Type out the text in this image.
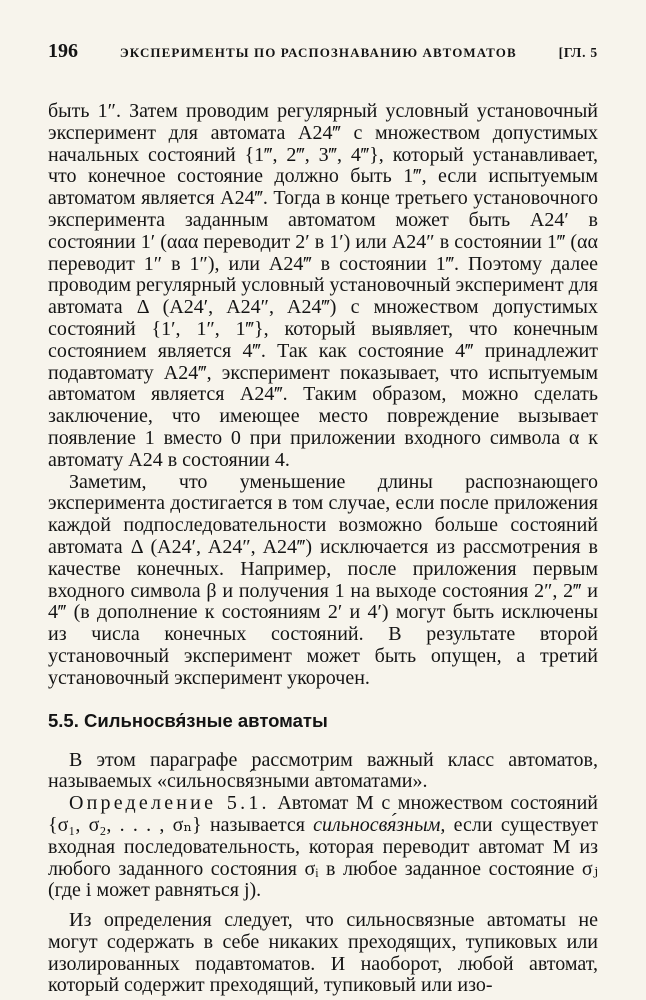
196	ЭКСПЕРИМЕНТЫ ПО РАСПОЗНАВАНИЮ АВТОМАТОВ	[ГЛ. 5

быть 1″. Затем проводим регулярный условный установочный эксперимент для автомата A24‴ с множеством допустимых начальных состояний {1‴, 2‴, 3‴, 4‴}, который устанавливает, что конечное состояние должно быть 1‴, если испытуемым автоматом является A24‴. Тогда в конце третьего установочного эксперимента заданным автоматом может быть A24′ в состоянии 1′ (ααα переводит 2′ в 1′) или A24″ в состоянии 1‴ (αα переводит 1″ в 1″), или A24‴ в состоянии 1‴. Поэтому далее проводим регулярный условный установочный эксперимент для автомата Δ (A24′, A24″, A24‴) с множеством допустимых состояний {1′, 1″, 1‴}, который выявляет, что конечным состоянием является 4‴. Так как состояние 4‴ принадлежит подавтомату A24‴, эксперимент показывает, что испытуемым автоматом является A24‴. Таким образом, можно сделать заключение, что имеющее место повреждение вызывает появление 1 вместо 0 при приложении входного символа α к автомату A24 в состоянии 4.

Заметим, что уменьшение длины распознающего эксперимента достигается в том случае, если после приложения каждой подпоследовательности возможно больше состояний автомата Δ (A24′, A24″, A24‴) исключается из рассмотрения в качестве конечных. Например, после приложения первым входного символа β и получения 1 на выходе состояния 2″, 2‴ и 4‴ (в дополнение к состояниям 2′ и 4′) могут быть исключены из числа конечных состояний. В результате второй установочный эксперимент может быть опущен, а третий установочный эксперимент укорочен.

5.5. Сильносвя́зные автоматы

В этом параграфе рассмотрим важный класс автоматов, называемых «сильносвя́зными автоматами».

Определение 5.1. Автомат M с множеством состояний {σ₁, σ₂, . . . , σₙ} называется сильносвя́зным, если существует входная последовательность, которая переводит автомат M из любого заданного состояния σᵢ в любое заданное состояние σⱼ (где i может равняться j).

Из определения следует, что сильносвязные автоматы не могут содержать в себе никаких преходящих, тупиковых или изолированных подавтоматов. И наоборот, любой автомат, который содержит преходящий, тупиковый или изо-
